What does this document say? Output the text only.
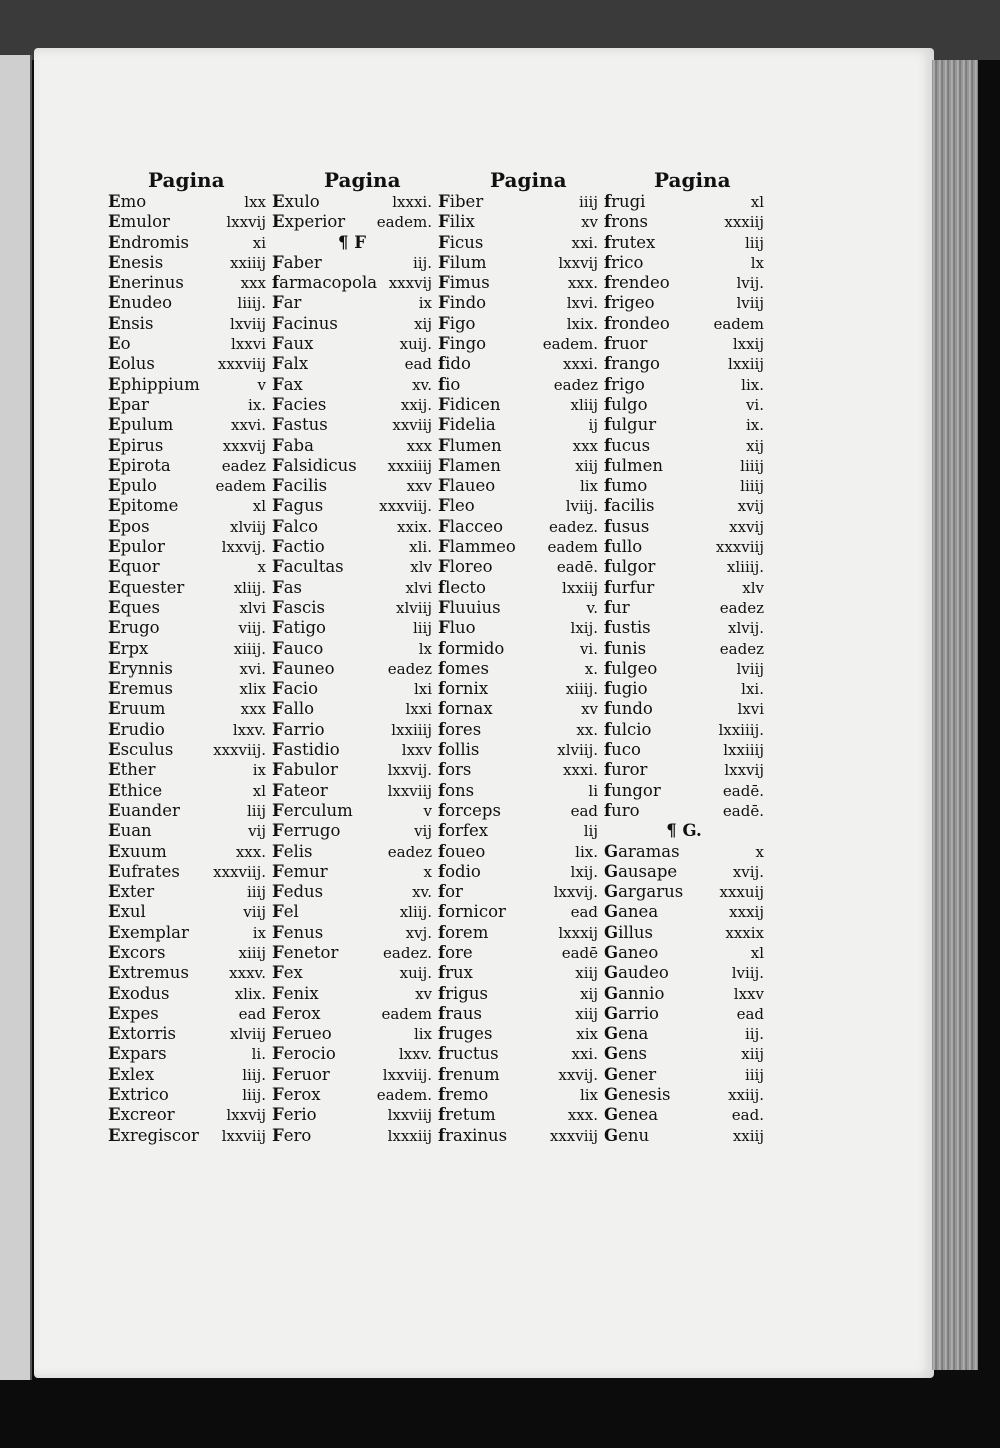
Pagina
Emo	lxx
Emulor	lxxvij
Endromis	xi
Enesis	xxiiij
Enerinus	xxx
Enudeo	liiij.
Ensis	lxviij
Eo	lxxvi
Eolus	xxxviij
Ephippium	v
Epar	ix.
Epulum	xxvi.
Epirus	xxxvij
Epirota	eadez
Epulo	eadem
Epitome	xl
Epos	xlviij
Epulor	lxxvij.
Equor	x
Equester	xliij.
Eques	xlvi
Erugo	viij.
Erpx	xiiij.
Erynnis	xvi.
Eremus	xlix
Eruum	xxx
Erudio	lxxv.
Esculus	xxxviij.
Ether	ix
Ethice	xl
Euander	liij
Euan	vij
Exuum	xxx.
Eufrates xxxviij.
Exter	iiij
Exul	viij
Exemplar	ix
Excors	xiiij
Extremus	xxxv.
Exodus	xlix.
Expes	ead
Extorris	xlviij
Expars	li.
Exlex	liij.
Extrico	liij.
Excreor	lxxvij
Exregiscor lxxviij
Pagina
Exulo	lxxxi.
Experior eadem.
¶ F
Faber	iij.
farmacopola xxxvij
Far	ix
Facinus	xij
Faux	xuij.
Falx	ead
Fax	xv.
Facies	xxij.
Fastus	xxviij
Faba	xxx
Falsidicus xxxiiij
Facilis	xxv
Fagus	xxxviij.
Falco	xxix.
Factio	xli.
Facultas	xlv
Fas	xlvi
Fascis	xlviij
Fatigo	liij
Fauco	lx
Fauneo	eadez
Facio	lxi
Fallo	lxxi
Farrio	lxxiiij
Fastidio	lxxv
Fabulor	lxxvij.
Fateor	lxxviij
Ferculum	v
Ferrugo	vij
Felis	eadez
Femur	x
Fedus	xv.
Fel	xliij.
Fenus	xvj.
Fenetor	eadez.
Fex	xuij.
Fenix	xv
Ferox	eadem
Ferueo	lix
Ferocio	lxxv.
Feruor	lxxviij.
Ferox	eadem.
Ferio	lxxviij
Fero	lxxxiij
Pagina
Fiber	iiij
Filix	xv
Ficus	xxi.
Filum	lxxvij
Fimus	xxx.
Findo	lxvi.
Figo	lxix.
Fingo	eadem.
fido	xxxi.
fio	eadez
Fidicen	xliij
Fidelia	ij
Flumen	xxx
Flamen	xiij
Flaueo	lix
Fleo	lviij.
Flacceo	eadez.
Flammeo eadem
Floreo	eadē.
flecto	lxxiij
Fluuius	v.
Fluo	lxij.
formido	vi.
fomes	x.
fornix	xiiij.
fornax	xv
fores	xx.
follis	xlviij.
fors	xxxi.
fons	li
forceps	ead
forfex	lij
foueo	lix.
fodio	lxij.
for	lxxvij.
fornicor	ead
forem	lxxxij
fore	eadē
frux	xiij
frigus	xij
fraus	xiij
fruges	xix
fructus	xxi.
frenum	xxvij.
fremo	lix
fretum	xxx.
fraxinus	xxxviij
Pagina
frugi	xl
frons	xxxiij
frutex	liij
frico	lx
frendeo	lvij.
frigeo	lviij
frondeo	eadem
fruor	lxxij
frango	lxxiij
frigo	lix.
fulgo	vi.
fulgur	ix.
fucus	xij
fulmen	liiij
fumo	liiij
facilis	xvij
fusus	xxvij
fullo	xxxviij
fulgor	xliiij.
furfur	xlv
fur	eadez
fustis	xlvij.
funis	eadez
fulgeo	lviij
fugio	lxi.
fundo	lxvi
fulcio	lxxiiij.
fuco	lxxiiij
furor	lxxvij
fungor	eadē.
furo	eadē.
¶ G.
Garamas	x
Gausape	xvij.
Gargarus xxxuij
Ganea	xxxij
Gillus	xxxix
Ganeo	xl
Gaudeo	lviij.
Gannio	lxxv
Garrio	ead
Gena	iij.
Gens	xiij
Gener	iiij
Genesis	xxiij.
Genea	ead.
Genu	xxiij
